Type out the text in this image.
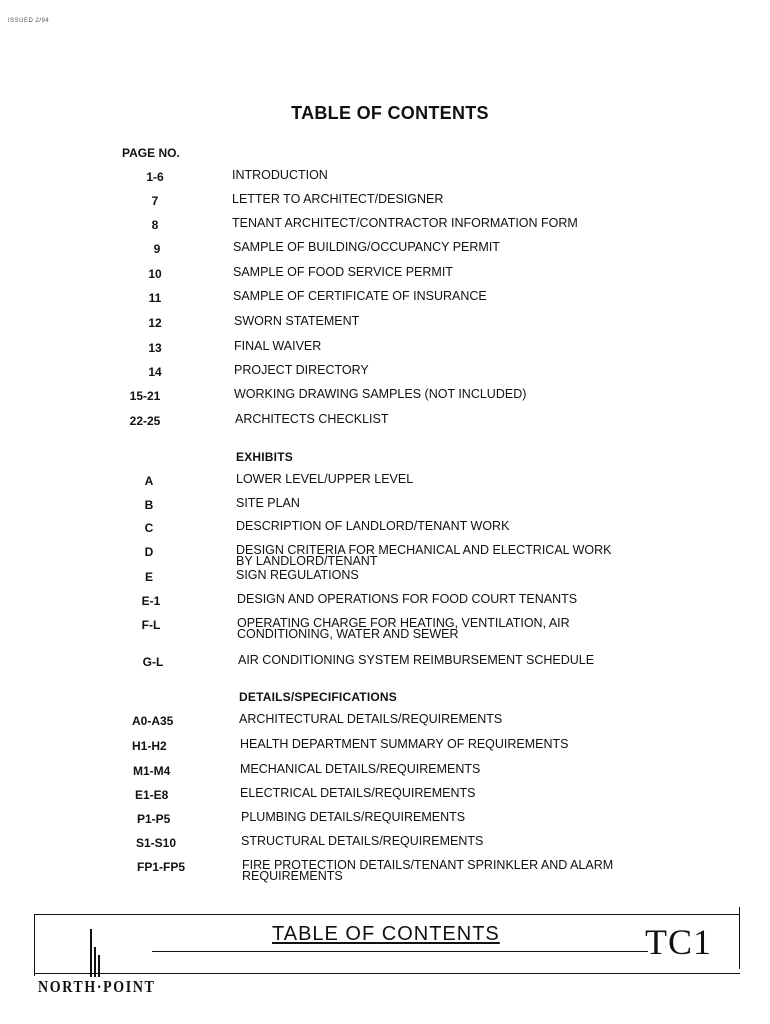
ISSUED 2/94
TABLE OF CONTENTS
PAGE NO.
1-6	INTRODUCTION
7	LETTER TO ARCHITECT/DESIGNER
8	TENANT ARCHITECT/CONTRACTOR INFORMATION FORM
9	SAMPLE OF BUILDING/OCCUPANCY PERMIT
10	SAMPLE OF FOOD SERVICE PERMIT
11	SAMPLE OF CERTIFICATE OF INSURANCE
12	SWORN STATEMENT
13	FINAL WAIVER
14	PROJECT DIRECTORY
15-21	WORKING DRAWING SAMPLES (NOT INCLUDED)
22-25	ARCHITECTS CHECKLIST
EXHIBITS
A	LOWER LEVEL/UPPER LEVEL
B	SITE PLAN
C	DESCRIPTION OF LANDLORD/TENANT WORK
D	DESIGN CRITERIA FOR MECHANICAL AND ELECTRICAL WORK
BY LANDLORD/TENANT
E	SIGN REGULATIONS
E-1	DESIGN AND OPERATIONS FOR FOOD COURT TENANTS
F-L	OPERATING CHARGE FOR HEATING, VENTILATION, AIR
CONDITIONING, WATER AND SEWER
G-L	AIR CONDITIONING SYSTEM REIMBURSEMENT SCHEDULE
DETAILS/SPECIFICATIONS
A0-A35	ARCHITECTURAL DETAILS/REQUIREMENTS
H1-H2	HEALTH DEPARTMENT SUMMARY OF REQUIREMENTS
M1-M4	MECHANICAL DETAILS/REQUIREMENTS
E1-E8	ELECTRICAL DETAILS/REQUIREMENTS
P1-P5	PLUMBING DETAILS/REQUIREMENTS
S1-S10	STRUCTURAL DETAILS/REQUIREMENTS
FP1-FP5	FIRE PROTECTION DETAILS/TENANT SPRINKLER AND ALARM
REQUIREMENTS
TABLE OF CONTENTS	TC1
NORTH·POINT
